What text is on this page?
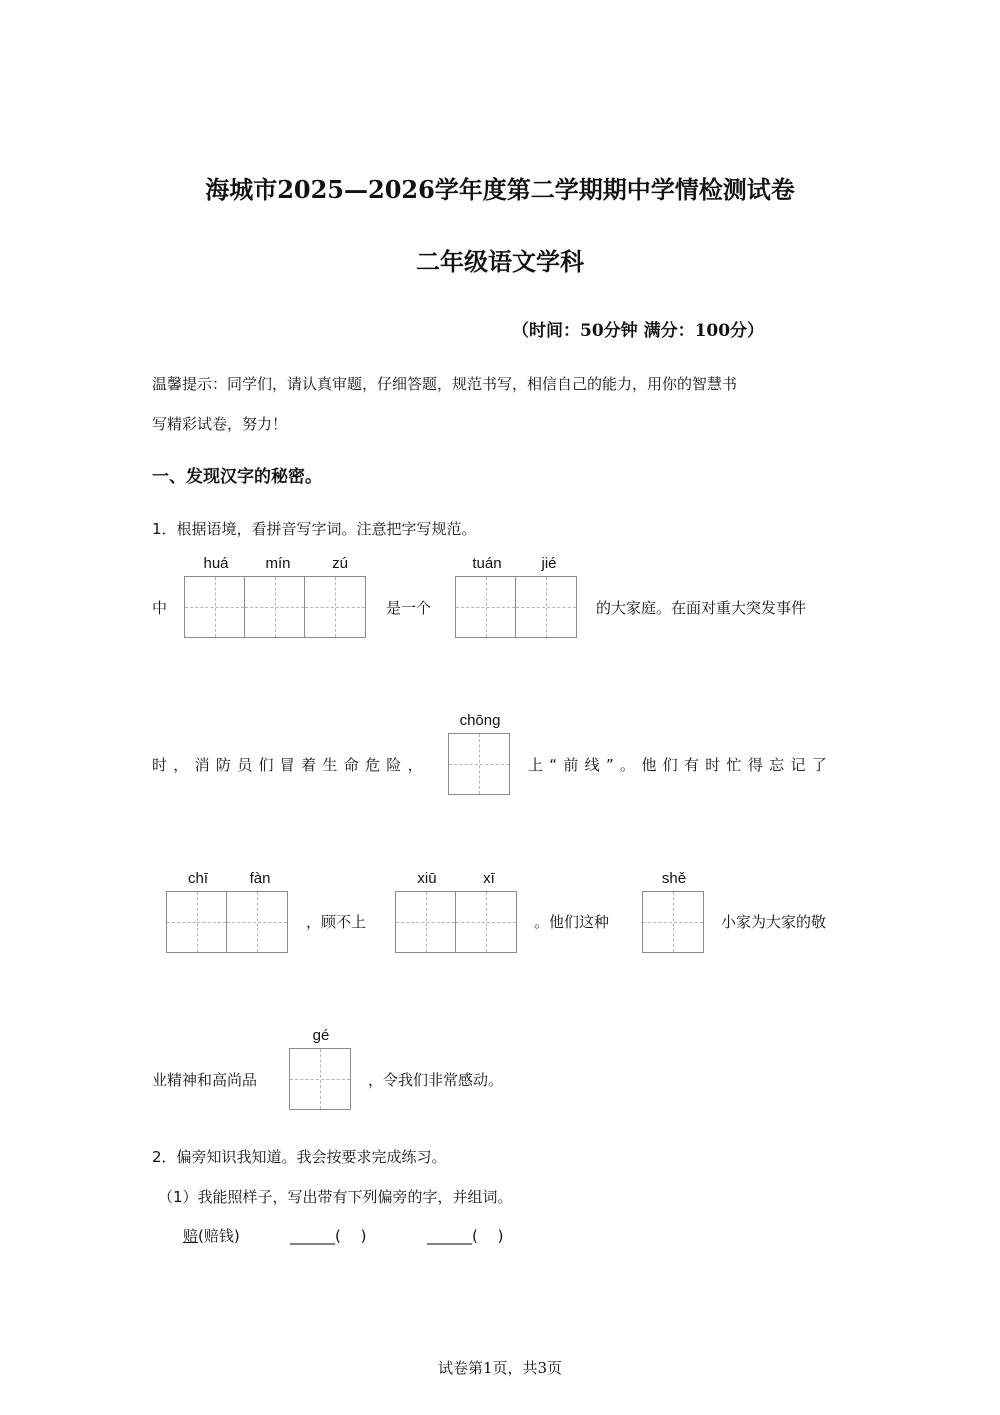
海城市2025—2026学年度第二学期期中学情检测试卷
二年级语文学科
（时间：50分钟 满分：100分）
温馨提示：同学们，请认真审题，仔细答题，规范书写，相信自己的能力，用你的智慧书
写精彩试卷，努力！
一、发现汉字的秘密。
1．根据语境，看拼音写字词。注意把字写规范。
中
huá	mín	zú
是一个
tuán	jié
的大家庭。在面对重大突发事件
时，消防员们冒着生命危险，
chōng
上“前线”。他们有时忙得忘记了
chī	fàn
，顾不上
xiū	xī
。他们这种
shě
小家为大家的敬
业精神和高尚品
gé
，令我们非常感动。
2．偏旁知识我知道。我会按要求完成练习。
（1）我能照样子，写出带有下列偏旁的字，并组词。
赔(赔钱)	______(　 )	______(　 )
试卷第1页，共3页
